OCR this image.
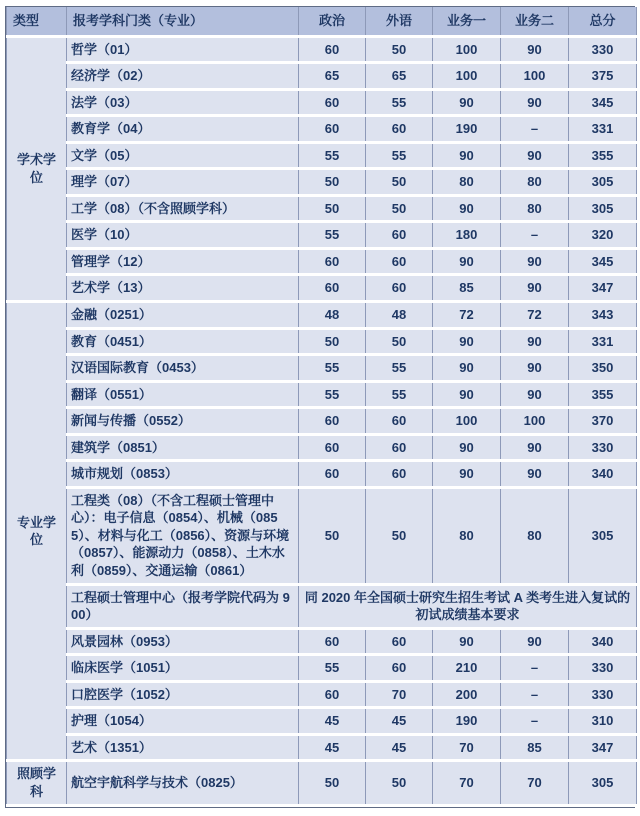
类型	报考学科门类（专业）	政治	外语	业务一	业务二	总分
学术学位	哲学（01）	60	50	100	90	330
	经济学（02）	65	65	100	100	375
	法学（03）	60	55	90	90	345
	教育学（04）	60	60	190	–	331
	文学（05）	55	55	90	90	355
	理学（07）	50	50	80	80	305
	工学（08）（不含照顾学科）	50	50	90	80	305
	医学（10）	55	60	180	–	320
	管理学（12）	60	60	90	90	345
	艺术学（13）	60	60	85	90	347
专业学位	金融（0251）	48	48	72	72	343
	教育（0451）	50	50	90	90	331
	汉语国际教育（0453）	55	55	90	90	350
	翻译（0551）	55	55	90	90	355
	新闻与传播（0552）	60	60	100	100	370
	建筑学（0851）	60	60	90	90	330
	城市规划（0853）	60	60	90	90	340
	工程类（08）（不含工程硕士管理中心）：电子信息（0854）、机械（0855）、材料与化工（0856）、资源与环境（0857）、能源动力（0858）、土木水利（0859）、交通运输（0861）	50	50	80	80	305
	工程硕士管理中心（报考学院代码为 900）	同 2020 年全国硕士研究生招生考试 A 类考生进入复试的初试成绩基本要求				
	风景园林（0953）	60	60	90	90	340
	临床医学（1051）	55	60	210	–	330
	口腔医学（1052）	60	70	200	–	330
	护理（1054）	45	45	190	–	310
	艺术（1351）	45	45	70	85	347
照顾学科	航空宇航科学与技术（0825）	50	50	70	70	305
